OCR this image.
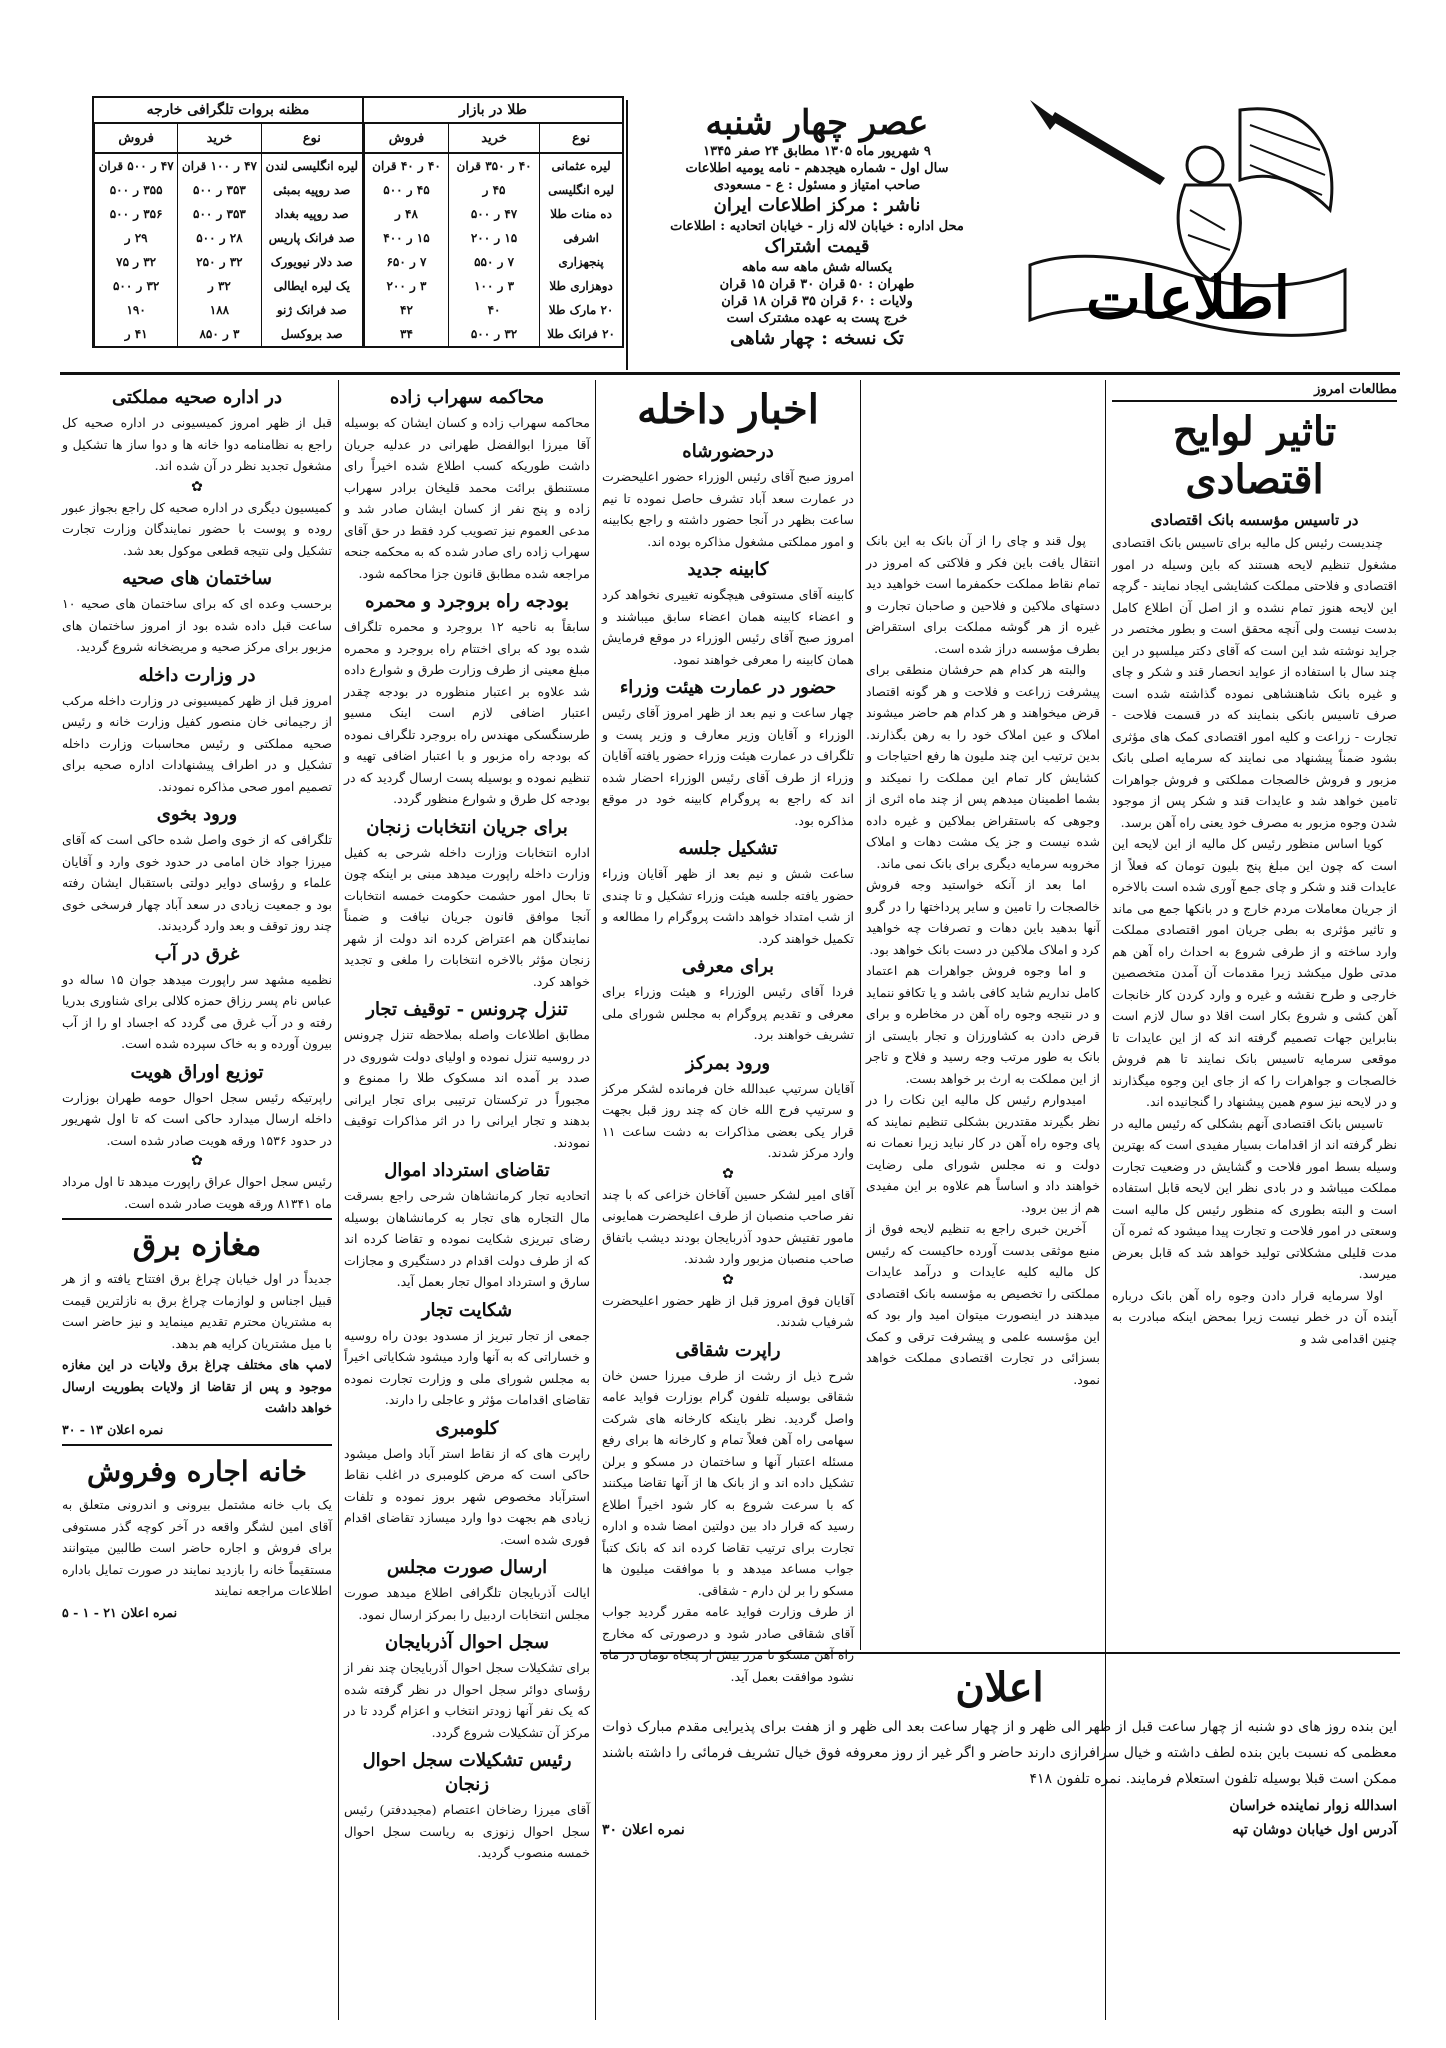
اطلاعات
عصر چهار شنبه
۹ شهریور ماه ۱۳۰۵ مطابق ۲۴ صفر ۱۳۴۵
سال اول - شماره هیجدهم - نامه یومیه اطلاعات
صاحب امتیاز و مسئول : ع - مسعودی
ناشر : مرکز اطلاعات ایران
محل اداره : خیابان لاله زار - خیابان اتحادیه : اطلاعات
قیمت اشتراک
یکساله شش ماهه سه ماهه
طهران : ۵۰ قران ۳۰ قران ۱۵ قران
ولایات : ۶۰ قران ۳۵ قران ۱۸ قران
خرج پست به عهده مشترک است
تک نسخه : چهار شاهی
طلا در بازار
نوع	خرید	فروش
لیره عثمانی	۴۰ ر ۳۵۰ قران	۴۰ ر ۴۰ قران
لیره انگلیسی	۴۵ ر	۴۵ ر ۵۰۰
ده منات طلا	۴۷ ر ۵۰۰	۴۸ ر
اشرفی	۱۵ ر ۲۰۰	۱۵ ر ۴۰۰
پنجهزاری	۷ ر ۵۵۰	۷ ر ۶۵۰
دوهزاری طلا	۳ ر ۱۰۰	۳ ر ۲۰۰
۲۰ مارک طلا	۴۰	۴۲
۲۰ فرانک طلا	۳۲ ر ۵۰۰	۳۴
مظنه بروات تلگرافی خارجه
نوع	خرید	فروش
لیره انگلیسی لندن	۴۷ ر ۱۰۰ قران	۴۷ ر ۵۰۰ قران
صد روپیه بمبئی	۳۵۳ ر ۵۰۰	۳۵۵ ر ۵۰۰
صد روپیه بغداد	۳۵۳ ر ۵۰۰	۳۵۶ ر ۵۰۰
صد فرانک پاریس	۲۸ ر ۵۰۰	۲۹ ر
صد دلار نیویورک	۳۲ ر ۲۵۰	۳۲ ر ۷۵
یک لیره ایطالی	۳۲ ر	۳۲ ر ۵۰۰
صد فرانک ژنو	۱۸۸	۱۹۰
صد بروکسل	۳ ر ۸۵۰	۴۱ ر
مطالعات امروز
تاثیر لوایح اقتصادی
در تاسیس مؤسسه بانک اقتصادی

چندیست رئیس کل مالیه برای تاسیس بانک اقتصادی مشغول تنظیم لایحه هستند که باین وسیله در امور اقتصادی و فلاحتی مملکت کشایشی ایجاد نمایند - گرچه این لایحه هنوز تمام نشده و از اصل آن اطلاع کامل بدست نیست ولی آنچه محقق است و بطور مختصر در جراید نوشته شد این است که آقای دکتر میلسپو در این چند سال با استفاده از عواید انحصار قند و شکر و چای و غیره بانک شاهنشاهی نموده گذاشته شده است صرف تاسیس بانکی بنمایند که در قسمت فلاحت - تجارت - زراعت و کلیه امور اقتصادی کمک های مؤثری بشود ضمناً پیشنهاد می نمایند که سرمایه اصلی بانک مزبور و فروش خالصجات مملکتی و فروش جواهرات تامین خواهد شد و عایدات قند و شکر پس از موجود شدن وجوه مزبور به مصرف خود یعنی راه آهن برسد.

کویا اساس منظور رئیس کل مالیه از این لایحه این است که چون این مبلغ پنج بلیون تومان که فعلاً از عایدات قند و شکر و چای جمع آوری شده است بالاخره از جریان معاملات مردم خارج و در بانکها جمع می ماند و تاثیر مؤثری به بطی جریان امور اقتصادی مملکت وارد ساخته و از طرفی شروع به احداث راه آهن هم مدتی طول میکشد زیرا مقدمات آن آمدن متخصصین خارجی و طرح نقشه و غیره و وارد کردن کار خانجات آهن کشی و شروع بکار است اقلا دو سال لازم است بنابراین جهات تصمیم گرفته اند که از این عایدات تا موقعی سرمایه تاسیس بانک نمایند تا هم فروش خالصجات و جواهرات را که از جای این وجوه میگذارند و در لایحه نیز سوم همین پیشنهاد را گنجانیده اند.

تاسیس بانک اقتصادی آنهم بشکلی که رئیس مالیه در نظر گرفته اند از اقدامات بسیار مفیدی است که بهترین وسیله بسط امور فلاحت و گشایش در وضعیت تجارت مملکت میباشد و در بادی نظر این لایحه قابل استفاده است و البته بطوری که منظور رئیس کل مالیه است وسعتی در امور فلاحت و تجارت پیدا میشود که ثمره آن مدت قلیلی مشکلاتی تولید خواهد شد که قابل بعرض میرسد.

اولا سرمایه قرار دادن وجوه راه آهن بانک درباره آینده آن در خطر نیست زیرا بمحض اینکه مبادرت به چنین اقدامی شد و

پول قند و چای را از آن بانک به این بانک انتقال یافت باین فکر و فلاکتی که امروز در تمام نقاط مملکت حکمفرما است خواهید دید دستهای ملاکین و فلاحین و صاحبان تجارت و غیره از هر گوشه مملکت برای استقراض بطرف مؤسسه دراز شده است.

والبته هر کدام هم حرفشان منطقی برای پیشرفت زراعت و فلاحت و هر گونه اقتصاد قرض میخواهند و هر کدام هم حاضر میشوند املاک و عین املاک خود را به رهن بگذارند. بدین ترتیب این چند ملیون ها رفع احتیاجات و کشایش کار تمام این مملکت را نمیکند و بشما اطمینان میدهم پس از چند ماه اثری از وجوهی که باستقراض بملاکین و غیره داده شده نیست و جز یک مشت دهات و املاک مخروبه سرمایه دیگری برای بانک نمی ماند.

اما بعد از آنکه خواستید وجه فروش خالصجات را تامین و سایر پرداختها را در گرو آنها بدهید باین دهات و تصرفات چه خواهید کرد و املاک ملاکین در دست بانک خواهد بود.

و اما وجوه فروش جواهرات هم اعتماد کامل نداریم شاید کافی باشد و یا تکافو ننماید و در نتیجه وجوه راه آهن در مخاطره و برای قرض دادن به کشاورزان و تجار بایستی از بانک به طور مرتب وجه رسید و فلاح و تاجر از این مملکت به ارث بر خواهد بست.

امیدوارم رئیس کل مالیه این نکات را در نظر بگیرند مقتدرین بشکلی تنظیم نمایند که پای وجوه راه آهن در کار نباید زیرا نعمات نه دولت و نه مجلس شورای ملی رضایت خواهند داد و اساساً هم علاوه بر این مفیدی هم از بین برود.

آخرین خبری راجع به تنظیم لایحه فوق از منبع موثقی بدست آورده حاکیست که رئیس کل مالیه کلیه عایدات و درآمد عایدات مملکتی را تخصیص به مؤسسه بانک اقتصادی میدهند در اینصورت میتوان امید وار بود که این مؤسسه علمی و پیشرفت ترقی و کمک بسزائی در تجارت اقتصادی مملکت خواهد نمود.

اخبار داخله
درحضورشاه

امروز صبح آقای رئیس الوزراء حضور اعلیحضرت در عمارت سعد آباد تشرف حاصل نموده تا نیم ساعت بظهر در آنجا حضور داشته و راجع بکابینه و امور مملکتی مشغول مذاکره بوده اند.

کابینه جدید

کابینه آقای مستوفی هیچگونه تغییری نخواهد کرد و اعضاء کابینه همان اعضاء سابق میباشند و امروز صبح آقای رئیس الوزراء در موقع فرمایش همان کابینه را معرفی خواهند نمود.

حضور در عمارت هیئت وزراء

چهار ساعت و نیم بعد از ظهر امروز آقای رئیس الوزراء و آقایان وزیر معارف و وزیر پست و تلگراف در عمارت هیئت وزراء حضور یافته آقایان وزراء از طرف آقای رئیس الوزراء احضار شده اند که راجع به پروگرام کابینه خود در موقع مذاکره بود.

تشکیل جلسه

ساعت شش و نیم بعد از ظهر آقایان وزراء حضور یافته جلسه هیئت وزراء تشکیل و تا چندی از شب امتداد خواهد داشت پروگرام را مطالعه و تکمیل خواهند کرد.

برای معرفی

فردا آقای رئیس الوزراء و هیئت وزراء برای معرفی و تقدیم پروگرام به مجلس شورای ملی تشریف خواهند برد.

ورود بمرکز

آقایان سرتیپ عبدالله خان فرمانده لشکر مرکز و سرتیپ فرج الله خان که چند روز قبل بجهت قرار یکی بعضی مذاکرات به دشت ساعت ۱۱ وارد مرکز شدند.

✿

آقای امیر لشکر حسین آقاخان خزاعی که با چند نفر صاحب منصبان از طرف اعلیحضرت همایونی مامور تفتیش حدود آذربایجان بودند دیشب باتفاق صاحب منصبان مزبور وارد شدند.

✿

آقایان فوق امروز قبل از ظهر حضور اعلیحضرت شرفیاب شدند.

راپرت شقاقی

شرح ذیل از رشت از طرف میرزا حسن خان شقاقی بوسیله تلفون گرام بوزارت فواید عامه واصل گردید. نظر باینکه کارخانه های شرکت سهامی راه آهن فعلاً تمام و کارخانه ها برای رفع مسئله اعتبار آنها و ساختمان در مسکو و برلن تشکیل داده اند و از بانک ها از آنها تقاضا میکنند که با سرعت شروع به کار شود اخیراً اطلاع رسید که قرار داد بین دولتین امضا شده و اداره تجارت برای ترتیب تقاضا کرده اند که بانک کتباً جواب مساعد میدهد و با موافقت میلیون ها مسکو را بر لن دارم - شقاقی.

از طرف وزارت فواید عامه مقرر گردید جواب آقای شقاقی صادر شود و درصورتی که مخارج راه آهن مسکو تا مرز بیش از پنجاه تومان در ماه نشود موافقت بعمل آید.	اعلان

این بنده روز های دو شنبه از چهار ساعت قبل از ظهر الی ظهر و از چهار ساعت بعد الی ظهر و از هفت برای پذیرایی مقدم مبارک ذوات معظمی که نسبت باین بنده لطف داشته و خیال سرافرازی دارند حاضر و اگر غیر از روز معروفه فوق خیال تشریف فرمائی را داشته باشند ممکن است قبلا بوسیله تلفون استعلام فرمایند. نمره تلفون ۴۱۸

اسدالله زوار نماینده خراسان
آدرس اول خیابان دوشان تپه
نمره اعلان ۳۰
محاکمه سهراب زاده

محاکمه سهراب زاده و کسان ایشان که بوسیله آقا میرزا ابوالفضل طهرانی در عدلیه جریان داشت طوریکه کسب اطلاع شده اخیراً رای مستنطق برائت محمد قلیخان برادر سهراب زاده و پنج نفر از کسان ایشان صادر شد و مدعی العموم نیز تصویب کرد فقط در حق آقای سهراب زاده رای صادر شده که به محکمه جنحه مراجعه شده مطابق قانون جزا محاکمه شود.

بودجه راه بروجرد و محمره

سابقاً به ناحیه ۱۲ بروجرد و محمره تلگراف شده بود که برای اختتام راه بروجرد و محمره مبلغ معینی از طرف وزارت طرق و شوارع داده شد علاوه بر اعتبار منظوره در بودجه چقدر اعتبار اضافی لازم است اینک مسیو طرسنگسکی مهندس راه بروجرد تلگراف نموده که بودجه راه مزبور و با اعتبار اضافی تهیه و تنظیم نموده و بوسیله پست ارسال گردید که در بودجه کل طرق و شوارع منظور گردد.

برای جریان انتخابات زنجان

اداره انتخابات وزارت داخله شرحی به کفیل وزارت داخله راپورت میدهد مبنی بر اینکه چون تا بحال امور حشمت حکومت خمسه انتخابات آنجا موافق قانون جریان نیافت و ضمناً نمایندگان هم اعتراض کرده اند دولت از شهر زنجان مؤثر بالاخره انتخابات را ملغی و تجدید خواهد کرد.

تنزل چرونس - توقیف تجار

مطابق اطلاعات واصله بملاحظه تنزل چرونس در روسیه تنزل نموده و اولیای دولت شوروی در صدد بر آمده اند مسکوک طلا را ممنوع و مجبوراً در ترکستان ترتیبی برای تجار ایرانی بدهند و تجار ایرانی را در اثر مذاکرات توقیف نمودند.

تقاضای استرداد اموال

اتحادیه تجار کرمانشاهان شرحی راجع بسرقت مال التجاره های تجار به کرمانشاهان بوسیله رضای تبریزی شکایت نموده و تقاضا کرده اند که از طرف دولت اقدام در دستگیری و مجازات سارق و استرداد اموال تجار بعمل آید.

شکایت تجار

جمعی از تجار تبریز از مسدود بودن راه روسیه و خساراتی که به آنها وارد میشود شکایاتی اخیراً به مجلس شورای ملی و وزارت تجارت نموده تقاضای اقدامات مؤثر و عاجلی را دارند.

کلومبری

راپرت های که از نقاط استر آباد واصل میشود حاکی است که مرض کلومبری در اغلب نقاط استرآباد مخصوص شهر بروز نموده و تلفات زیادی هم بجهت دوا وارد میسازد تقاضای اقدام فوری شده است.

ارسال صورت مجلس

ایالت آذربایجان تلگرافی اطلاع میدهد صورت مجلس انتخابات اردبیل را بمرکز ارسال نمود.

سجل احوال آذربایجان

برای تشکیلات سجل احوال آذربایجان چند نفر از رؤسای دوائر سجل احوال در نظر گرفته شده که یک نفر آنها زودتر انتخاب و اعزام گردد تا در مرکز آن تشکیلات شروع گردد.

رئیس تشکیلات سجل احوال زنجان

آقای میرزا رضاخان اعتصام (مجیددفتر) رئیس سجل احوال زنوزی به ریاست سجل احوال خمسه منصوب گردید.

در اداره صحیه مملکتی

قبل از ظهر امروز کمیسیونی در اداره صحیه کل راجع به نظامنامه دوا خانه ها و دوا ساز ها تشکیل و مشغول تجدید نظر در آن شده اند.

✿

کمیسیون دیگری در اداره صحیه کل راجع بجواز عبور روده و پوست با حضور نمایندگان وزارت تجارت تشکیل ولی نتیجه قطعی موکول بعد شد.

ساختمان های صحیه

برحسب وعده ای که برای ساختمان های صحیه ۱۰ ساعت قبل داده شده بود از امروز ساختمان های مزبور برای مرکز صحیه و مریضخانه شروع گردید.

در وزارت داخله

امروز قبل از ظهر کمیسیونی در وزارت داخله مرکب از رجیمانی خان منصور کفیل وزارت خانه و رئیس صحیه مملکتی و رئیس محاسبات وزارت داخله تشکیل و در اطراف پیشنهادات اداره صحیه برای تصمیم امور صحی مذاکره نمودند.

ورود بخوی

تلگرافی که از خوی واصل شده حاکی است که آقای میرزا جواد خان امامی در حدود خوی وارد و آقایان علماء و رؤسای دوایر دولتی باستقبال ایشان رفته بود و جمعیت زیادی در سعد آباد چهار فرسخی خوی چند روز توقف و بعد وارد گردیدند.

غرق در آب

نظمیه مشهد سر راپورت میدهد جوان ۱۵ ساله دو عباس نام پسر رزاق حمزه کلالی برای شناوری بدریا رفته و در آب غرق می گردد که اجساد او را از آب بیرون آورده و به خاک سپرده شده است.

توزیع اوراق هویت

راپرتیکه رئیس سجل احوال حومه طهران بوزارت داخله ارسال میدارد حاکی است که تا اول شهریور در حدود ۱۵۳۶ ورقه هویت صادر شده است.

✿

رئیس سجل احوال عراق راپورت میدهد تا اول مرداد ماه ۸۱۳۴۱ ورقه هویت صادر شده است.

مغازه برق

جدیداً در اول خیابان چراغ برق افتتاح یافته و از هر قبیل اجناس و لوازمات چراغ برق به نازلترین قیمت به مشتریان محترم تقدیم مینماید و نیز حاضر است با میل مشتریان کرایه هم بدهد.

لامپ های مختلف چراغ برق ولایات در این مغازه موجود و پس از تقاضا از ولایات بطوریت ارسال خواهد داشت

نمره اعلان ۱۳ - ۳۰

خانه اجاره وفروش

یک باب خانه مشتمل بیرونی و اندرونی متعلق به آقای امین لشگر واقعه در آخر کوچه گذر مستوفی برای فروش و اجاره حاضر است طالبین میتوانند مستقیماً خانه را بازدید نمایند در صورت تمایل باداره اطلاعات مراجعه نمایند

نمره اعلان ۲۱ - ۱ - ۵
